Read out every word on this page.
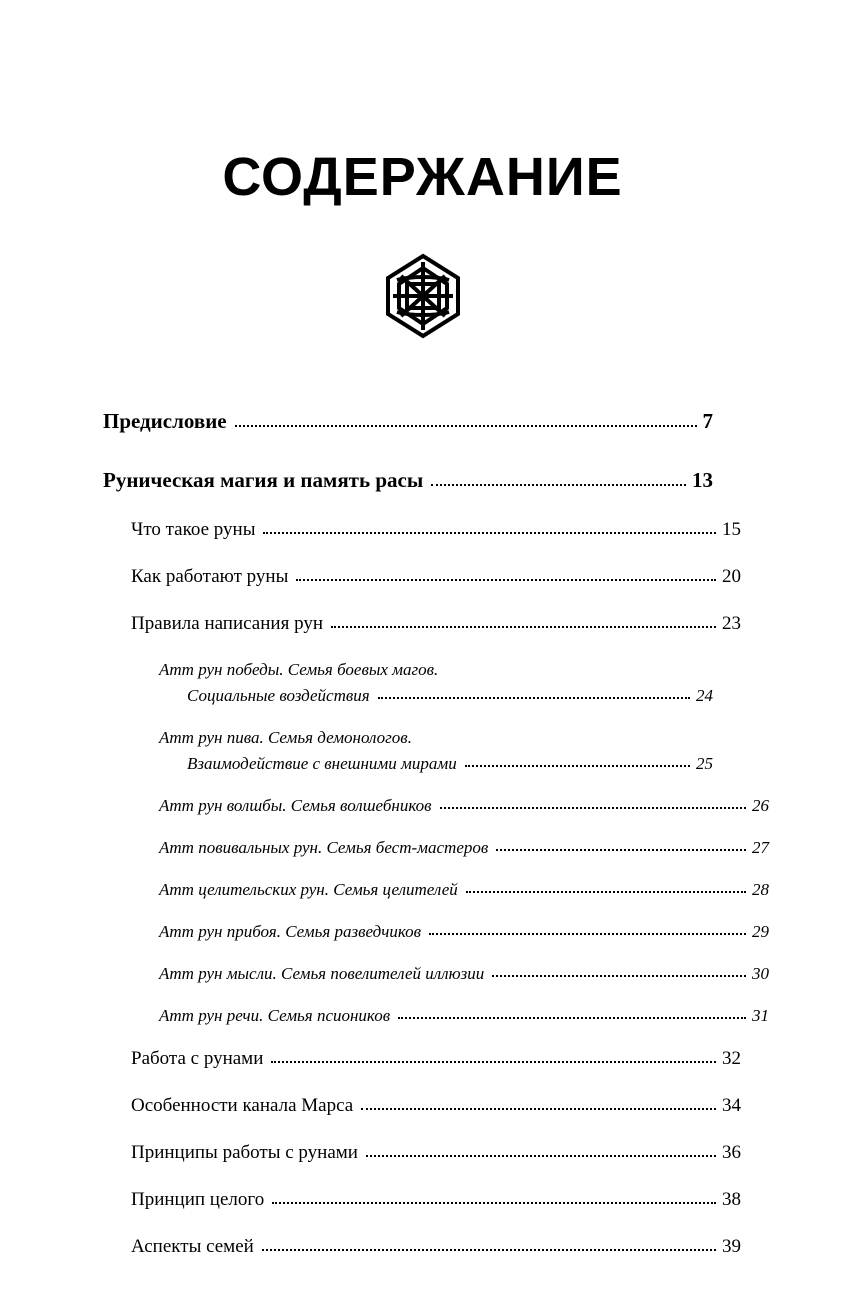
СОДЕРЖАНИЕ
Предисловие	7
Руническая магия и память расы	13
Что такое руны	15
Как работают руны	20
Правила написания рун	23
Атт рун победы. Семья боевых магов.
Социальные воздействия	24
Атт рун пива. Семья демонологов.
Взаимодействие с внешними мирами	25
Атт рун волшбы. Семья волшебников	26
Атт повивальных рун. Семья бест-мастеров	27
Атт целительских рун. Семья целителей	28
Атт рун прибоя. Семья разведчиков	29
Атт рун мысли. Семья повелителей иллюзии	30
Атт рун речи. Семья псиоников	31
Работа с рунами	32
Особенности канала Марса	34
Принципы работы с рунами	36
Принцип целого	38
Аспекты семей	39
